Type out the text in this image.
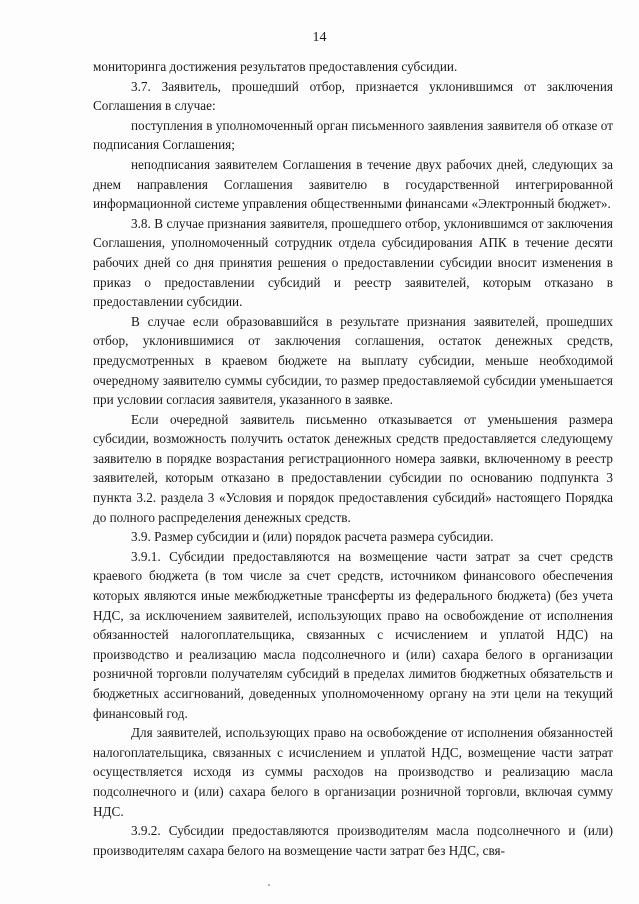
14

мониторинга достижения результатов предоставления субсидии.

3.7. Заявитель, прошедший отбор, признается уклонившимся от заключения Соглашения в случае:

поступления в уполномоченный орган письменного заявления заявителя об отказе от подписания Соглашения;

неподписания заявителем Соглашения в течение двух рабочих дней, следующих за днем направления Соглашения заявителю в государственной интегрированной информационной системе управления общественными финансами «Электронный бюджет».

3.8. В случае признания заявителя, прошедшего отбор, уклонившимся от заключения Соглашения, уполномоченный сотрудник отдела субсидирования АПК в течение десяти рабочих дней со дня принятия решения о предоставлении субсидии вносит изменения в приказ о предоставлении субсидий и реестр заявителей, которым отказано в предоставлении субсидии.

В случае если образовавшийся в результате признания заявителей, прошедших отбор, уклонившимися от заключения соглашения, остаток денежных средств, предусмотренных в краевом бюджете на выплату субсидии, меньше необходимой очередному заявителю суммы субсидии, то размер предоставляемой субсидии уменьшается при условии согласия заявителя, указанного в заявке.

Если очередной заявитель письменно отказывается от уменьшения размера субсидии, возможность получить остаток денежных средств предоставляется следующему заявителю в порядке возрастания регистрационного номера заявки, включенному в реестр заявителей, которым отказано в предоставлении субсидии по основанию подпункта 3 пункта 3.2. раздела 3 «Условия и порядок предоставления субсидий» настоящего Порядка до полного распределения денежных средств.

3.9. Размер субсидии и (или) порядок расчета размера субсидии.

3.9.1. Субсидии предоставляются на возмещение части затрат за счет средств краевого бюджета (в том числе за счет средств, источником финансового обеспечения которых являются иные межбюджетные трансферты из федерального бюджета) (без учета НДС, за исключением заявителей, использующих право на освобождение от исполнения обязанностей налогоплательщика, связанных с исчислением и уплатой НДС) на производство и реализацию масла подсолнечного и (или) сахара белого в организации розничной торговли получателям субсидий в пределах лимитов бюджетных обязательств и бюджетных ассигнований, доведенных уполномоченному органу на эти цели на текущий финансовый год.

Для заявителей, использующих право на освобождение от исполнения обязанностей налогоплательщика, связанных с исчислением и уплатой НДС, возмещение части затрат осуществляется исходя из суммы расходов на производство и реализацию масла подсолнечного и (или) сахара белого в организации розничной торговли, включая сумму НДС.

3.9.2. Субсидии предоставляются производителям масла подсолнечного и (или) производителям сахара белого на возмещение части затрат без НДС, свя-
